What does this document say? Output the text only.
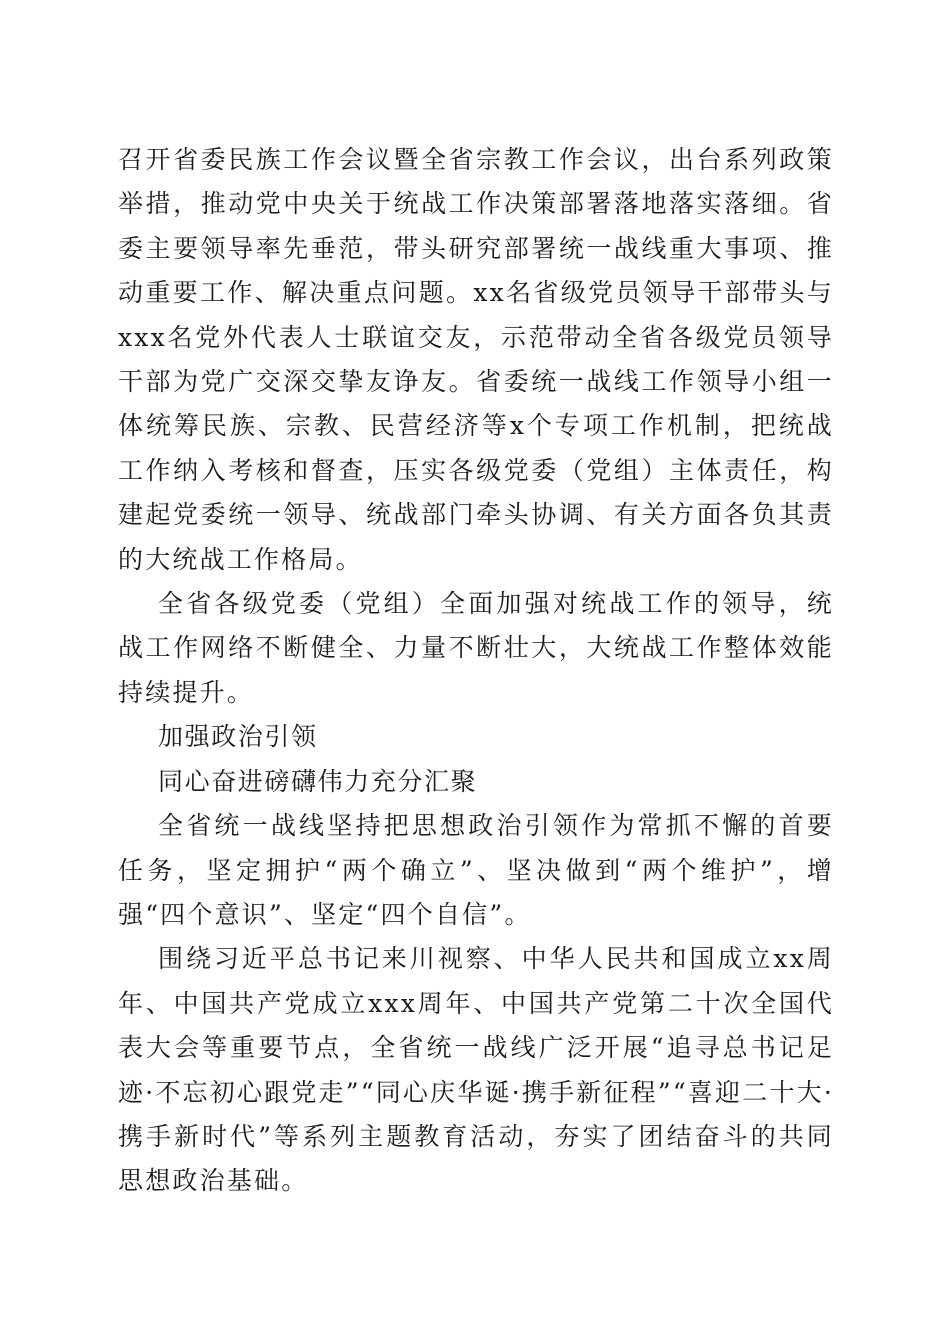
召开省委民族工作会议暨全省宗教工作会议，出台系列政策举措，推动党中央关于统战工作决策部署落地落实落细。省委主要领导率先垂范，带头研究部署统一战线重大事项、推动重要工作、解决重点问题。xx名省级党员领导干部带头与xxx名党外代表人士联谊交友，示范带动全省各级党员领导干部为党广交深交挚友诤友。省委统一战线工作领导小组一体统筹民族、宗教、民营经济等x个专项工作机制，把统战工作纳入考核和督查，压实各级党委（党组）主体责任，构建起党委统一领导、统战部门牵头协调、有关方面各负其责的大统战工作格局。

全省各级党委（党组）全面加强对统战工作的领导，统战工作网络不断健全、力量不断壮大，大统战工作整体效能持续提升。

加强政治引领

同心奋进磅礴伟力充分汇聚

全省统一战线坚持把思想政治引领作为常抓不懈的首要任务，坚定拥护“两个确立”、坚决做到“两个维护”，增强“四个意识”、坚定“四个自信”。

围绕习近平总书记来川视察、中华人民共和国成立xx周年、中国共产党成立xxx周年、中国共产党第二十次全国代表大会等重要节点，全省统一战线广泛开展“追寻总书记足迹·不忘初心跟党走”“同心庆华诞·携手新征程”“喜迎二十大·携手新时代”等系列主题教育活动，夯实了团结奋斗的共同思想政治基础。
